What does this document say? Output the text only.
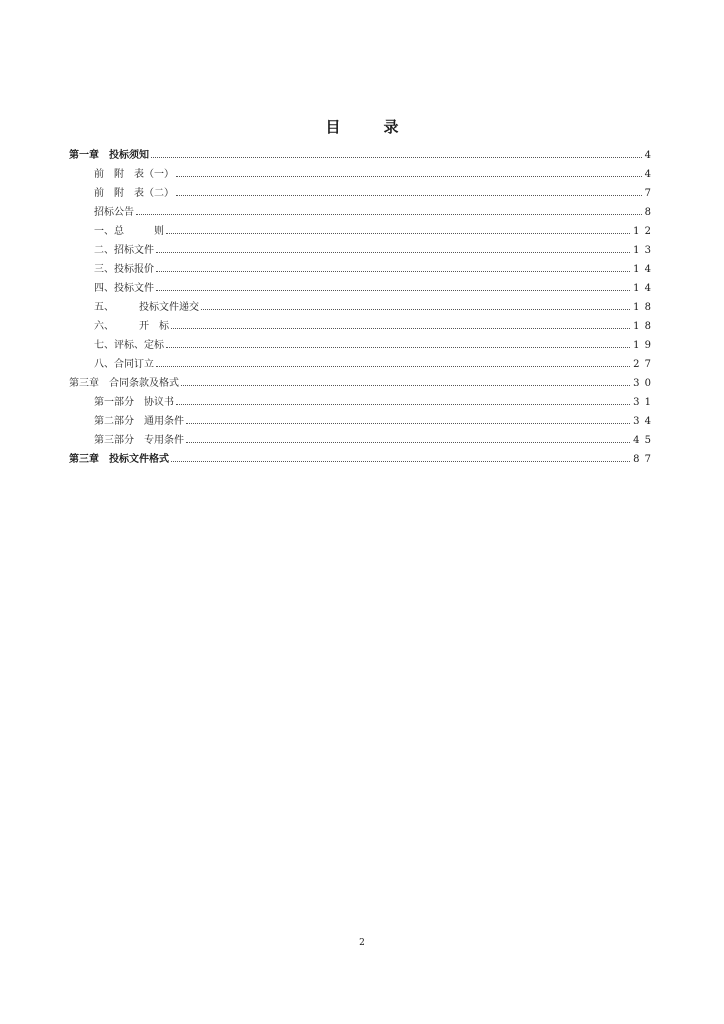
目　录
第一章　投标须知	4
前　附　表（一）	4
前　附　表（二）	7
招标公告	8
一、总　　　则	1 2
二、招标文件	1 3
三、投标报价	1 4
四、投标文件	1 4
五、　　　投标文件递交	1 8
六、　　　开　标	1 8
七、评标、定标	1 9
八、合同订立	2 7
第三章　合同条款及格式	3 0
第一部分　协议书	3 1
第二部分　通用条件	3 4
第三部分　专用条件	4 5
第三章　投标文件格式	8 7
2
